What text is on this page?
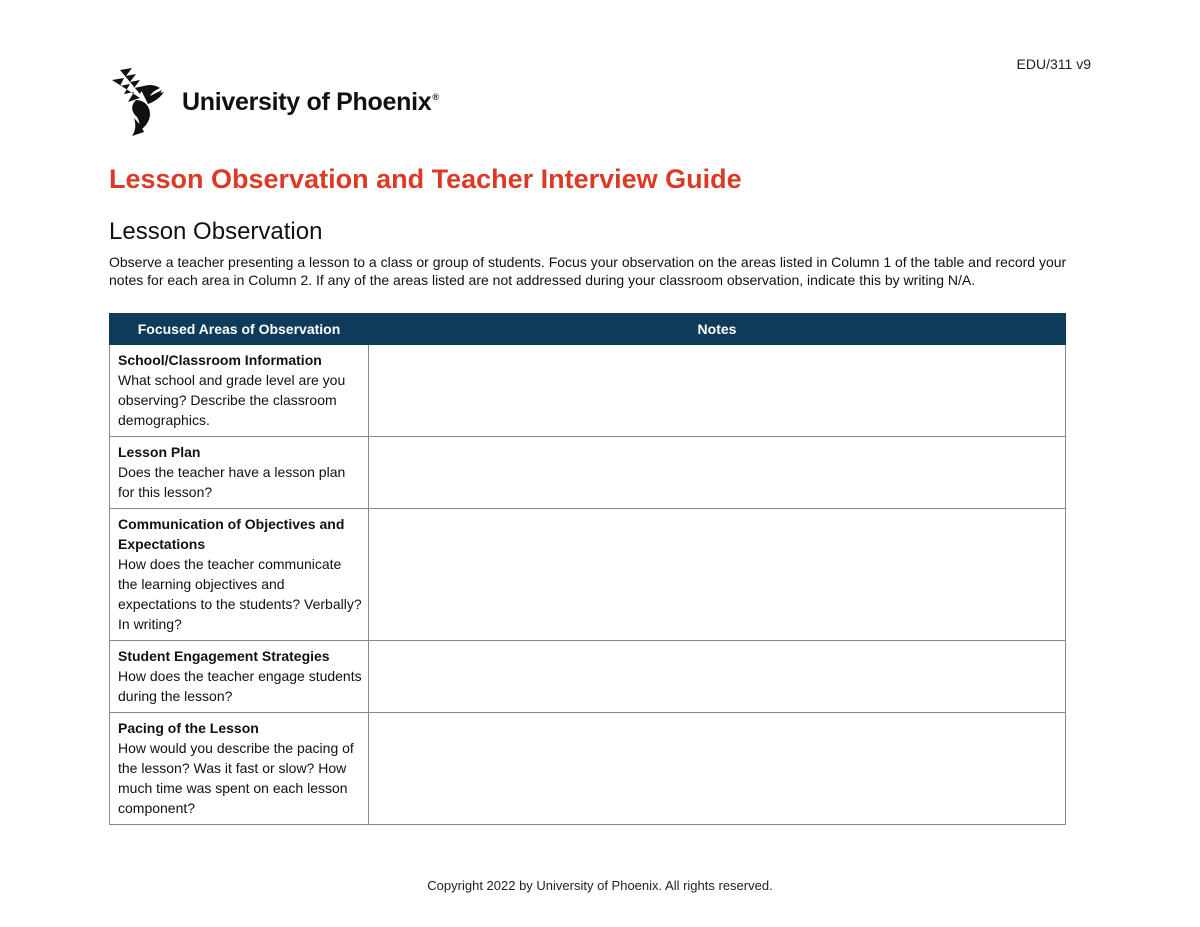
EDU/311 v9
University of Phoenix®
Lesson Observation and Teacher Interview Guide
Lesson Observation

Observe a teacher presenting a lesson to a class or group of students. Focus your observation on the areas listed in Column 1 of the table and record your notes for each area in Column 2. If any of the areas listed are not addressed during your classroom observation, indicate this by writing N/A.

Focused Areas of Observation	Notes

School/Classroom Information
What school and grade level are you observing? Describe the classroom demographics.	

Lesson Plan
Does the teacher have a lesson plan for this lesson?	

Communication of Objectives and Expectations
How does the teacher communicate the learning objectives and expectations to the students? Verbally? In writing?	

Student Engagement Strategies
How does the teacher engage students during the lesson?	

Pacing of the Lesson
How would you describe the pacing of the lesson? Was it fast or slow? How much time was spent on each lesson component?	

Copyright 2022 by University of Phoenix. All rights reserved.
